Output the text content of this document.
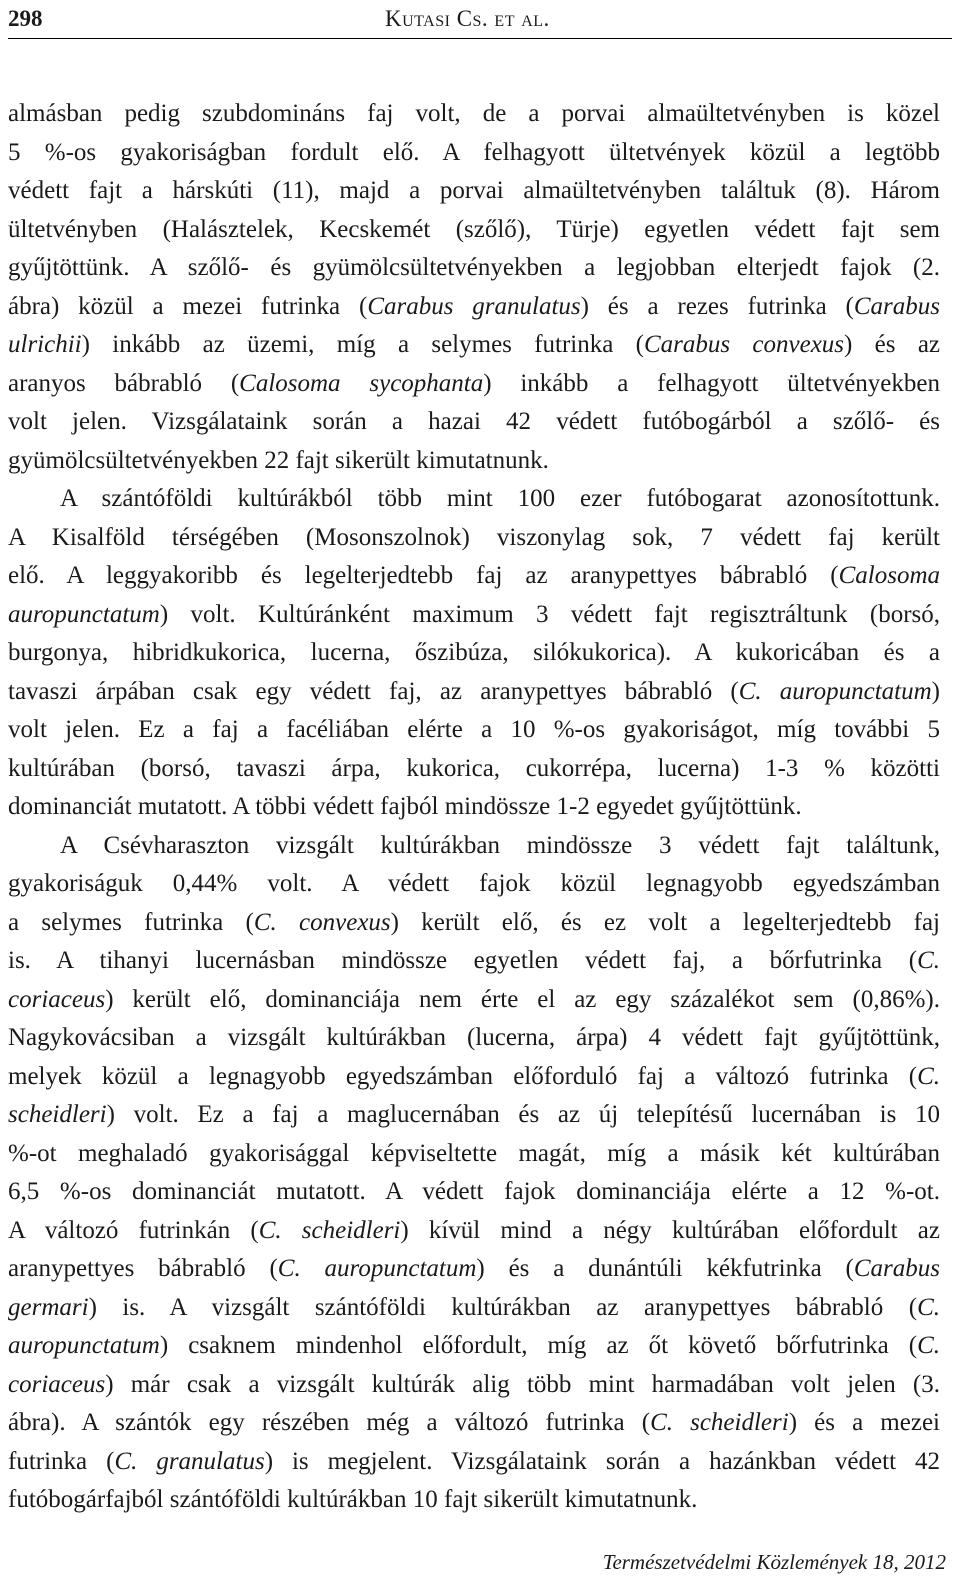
298	Kutasi Cs. et al.
almásban pedig szubdomináns faj volt, de a porvai almaültetvényben is közel
5 %-os gyakoriságban fordult elő. A felhagyott ültetvények közül a legtöbb
védett fajt a hárskúti (11), majd a porvai almaültetvényben találtuk (8). Három
ültetvényben (Halásztelek, Kecskemét (szőlő), Türje) egyetlen védett fajt sem
gyűjtöttünk. A szőlő- és gyümölcsültetvényekben a legjobban elterjedt fajok (2.
ábra) közül a mezei futrinka (Carabus granulatus) és a rezes futrinka (Carabus
ulrichii) inkább az üzemi, míg a selymes futrinka (Carabus convexus) és az
aranyos bábrabló (Calosoma sycophanta) inkább a felhagyott ültetvényekben
volt jelen. Vizsgálataink során a hazai 42 védett futóbogárból a szőlő- és
gyümölcsültetvényekben 22 fajt sikerült kimutatnunk.
A szántóföldi kultúrákból több mint 100 ezer futóbogarat azonosítottunk.
A Kisalföld térségében (Mosonszolnok) viszonylag sok, 7 védett faj került
elő. A leggyakoribb és legelterjedtebb faj az aranypettyes bábrabló (Calosoma
auropunctatum) volt. Kultúránként maximum 3 védett fajt regisztráltunk (borsó,
burgonya, hibridkukorica, lucerna, őszibúza, silókukorica). A kukoricában és a
tavaszi árpában csak egy védett faj, az aranypettyes bábrabló (C. auropunctatum)
volt jelen. Ez a faj a facéliában elérte a 10 %-os gyakoriságot, míg további 5
kultúrában (borsó, tavaszi árpa, kukorica, cukorrépa, lucerna) 1-3 % közötti
dominanciát mutatott. A többi védett fajból mindössze 1-2 egyedet gyűjtöttünk.
A Csévharaszton vizsgált kultúrákban mindössze 3 védett fajt találtunk,
gyakoriságuk 0,44% volt. A védett fajok közül legnagyobb egyedszámban
a selymes futrinka (C. convexus) került elő, és ez volt a legelterjedtebb faj
is. A tihanyi lucernásban mindössze egyetlen védett faj, a bőrfutrinka (C.
coriaceus) került elő, dominanciája nem érte el az egy százalékot sem (0,86%).
Nagykovácsiban a vizsgált kultúrákban (lucerna, árpa) 4 védett fajt gyűjtöttünk,
melyek közül a legnagyobb egyedszámban előforduló faj a változó futrinka (C.
scheidleri) volt. Ez a faj a maglucernában és az új telepítésű lucernában is 10
%-ot meghaladó gyakorisággal képviseltette magát, míg a másik két kultúrában
6,5 %-os dominanciát mutatott. A védett fajok dominanciája elérte a 12 %-ot.
A változó futrinkán (C. scheidleri) kívül mind a négy kultúrában előfordult az
aranypettyes bábrabló (C. auropunctatum) és a dunántúli kékfutrinka (Carabus
germari) is. A vizsgált szántóföldi kultúrákban az aranypettyes bábrabló (C.
auropunctatum) csaknem mindenhol előfordult, míg az őt követő bőrfutrinka (C.
coriaceus) már csak a vizsgált kultúrák alig több mint harmadában volt jelen (3.
ábra). A szántók egy részében még a változó futrinka (C. scheidleri) és a mezei
futrinka (C. granulatus) is megjelent. Vizsgálataink során a hazánkban védett 42
futóbogárfajból szántóföldi kultúrákban 10 fajt sikerült kimutatnunk.
Természetvédelmi Közlemények 18, 2012
